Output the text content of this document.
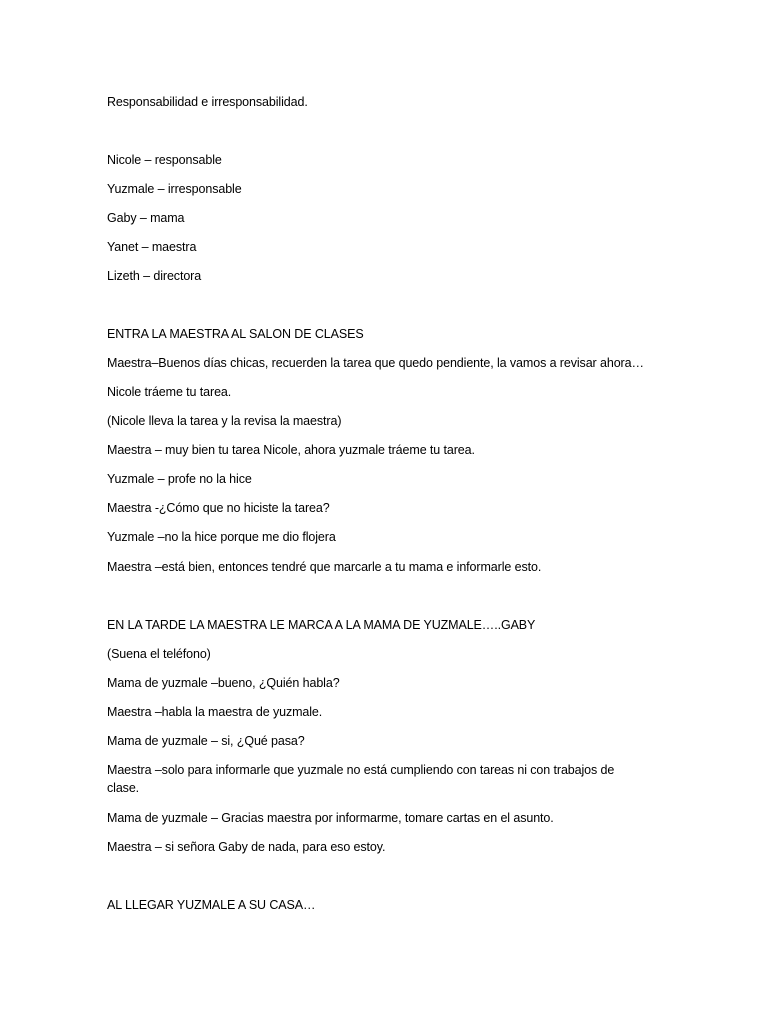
Responsabilidad e irresponsabilidad.
Nicole – responsable
Yuzmale – irresponsable
Gaby – mama
Yanet – maestra
Lizeth – directora
ENTRA LA MAESTRA AL SALON DE CLASES
Maestra–Buenos días chicas, recuerden la tarea que quedo pendiente, la vamos a revisar ahora…
Nicole tráeme tu tarea.
(Nicole lleva la tarea y la revisa la maestra)
Maestra – muy bien tu tarea Nicole, ahora yuzmale tráeme tu tarea.
Yuzmale – profe no la hice
Maestra -¿Cómo que no hiciste la tarea?
Yuzmale –no la hice porque me dio flojera
Maestra –está bien, entonces tendré que marcarle a tu mama e informarle esto.
EN LA TARDE LA MAESTRA LE MARCA A LA MAMA DE YUZMALE…..GABY
(Suena el teléfono)
Mama de yuzmale –bueno, ¿Quién habla?
Maestra –habla la maestra de yuzmale.
Mama de yuzmale – si, ¿Qué pasa?
Maestra –solo para informarle que yuzmale no está cumpliendo con tareas ni con trabajos de clase.
Mama de yuzmale – Gracias maestra por informarme, tomare cartas en el asunto.
Maestra – si señora Gaby de nada, para eso estoy.
AL LLEGAR YUZMALE A SU CASA…
